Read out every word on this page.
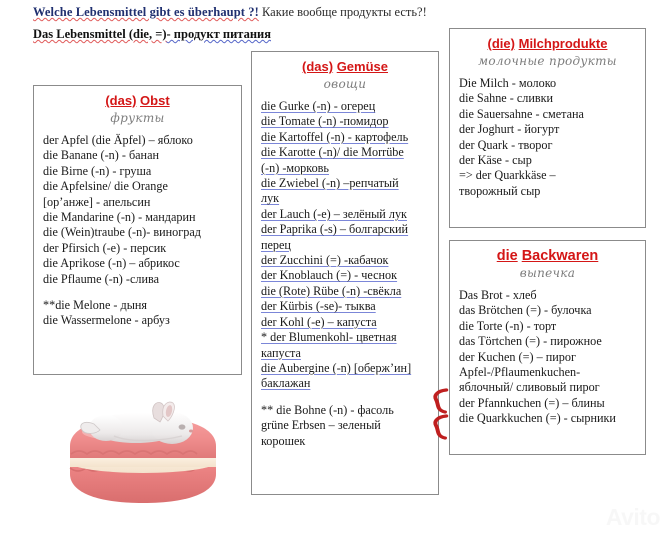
Welche Lebensmittel gibt es überhaupt ?! Какие вообще продукты есть?!
Das Lebensmittel (die, =)- продукт питания
(das) Obst
фрукты
der Apfel (die Äpfel) – яблоко
die Banane (-n) - банан
die Birne (-n) - груша
die Apfelsine/ die Orange
[ор’анже] - апельсин
die Mandarine (-n) - мандарин
die (Wein)traube (-n)- виноград
der Pfirsich (-e) - персик
die Aprikose (-n) – абрикос
die Pflaume (-n) -слива
**die Melone - дыня
die Wassermelone - арбуз
(das) Gemüse
овощи
die Gurke (-n) - огерец
die Tomate (-n) -помидор
die Kartoffel (-n) - картофель
die Karotte (-n)/ die Morrübe
(-n) -морковь
die Zwiebel (-n) –репчатый
лук
der Lauch (-e) – зелёный лук
der Paprika (-s) – болгарский
перец
der Zucchini (=) -кабачок
der Knoblauch (=) - чеснок
die (Rote) Rübe (-n) -свёкла
der Kürbis (-se)- тыква
der Kohl (-e) – капуста
* der Blumenkohl- цветная
капуста
die Aubergine (-n) [оберж’ин]
баклажан
** die Bohne (-n) - фасоль
grüne Erbsen – зеленый
корошек
(die) Milchprodukte
молочные продукты
Die Milch - молоко
die Sahne - сливки
die Sauersahne - сметана
der Joghurt - йогурт
der Quark - творог
der Käse - сыр
=> der Quarkkäse –
творожный сыр
die Backwaren
выпечка
Das Brot - хлеб
das Brötchen (=) - булочка
die Torte (-n) - торт
das Törtchen (=) - пирожное
der Kuchen (=) – пирог
Apfel-/Pflaumenkuchen-
яблочный/ сливовый пирог
der Pfannkuchen (=) – блины
die Quarkkuchen (=) - сырники
Avito
